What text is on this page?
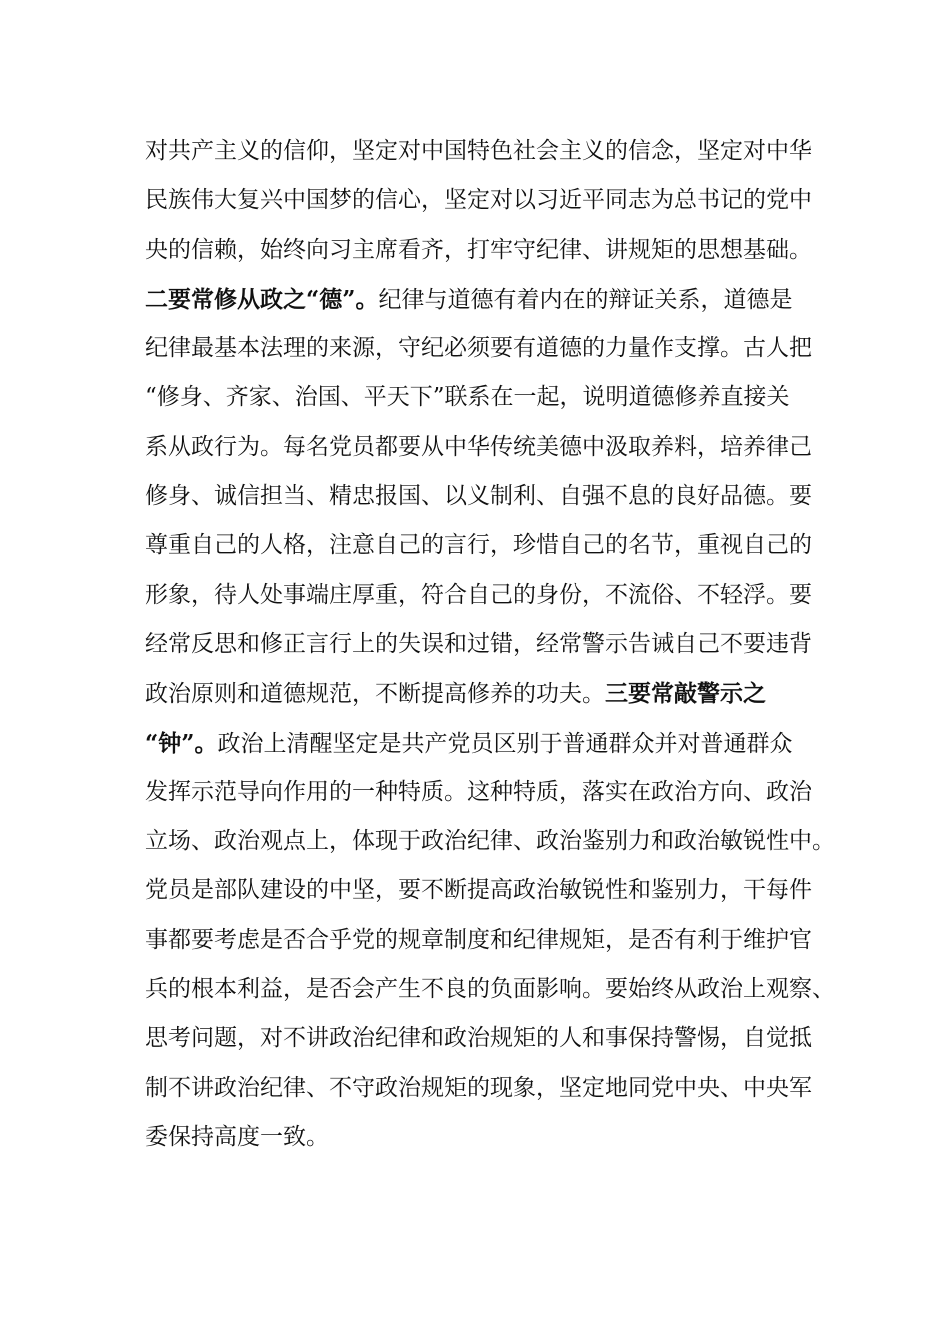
对共产主义的信仰，坚定对中国特色社会主义的信念，坚定对中华
民族伟大复兴中国梦的信心，坚定对以习近平同志为总书记的党中
央的信赖，始终向习主席看齐，打牢守纪律、讲规矩的思想基础。
二要常修从政之“德”。纪律与道德有着内在的辩证关系，道德是
纪律最基本法理的来源，守纪必须要有道德的力量作支撑。古人把
“修身、齐家、治国、平天下”联系在一起，说明道德修养直接关
系从政行为。每名党员都要从中华传统美德中汲取养料，培养律己
修身、诚信担当、精忠报国、以义制利、自强不息的良好品德。要
尊重自己的人格，注意自己的言行，珍惜自己的名节，重视自己的
形象，待人处事端庄厚重，符合自己的身份，不流俗、不轻浮。要
经常反思和修正言行上的失误和过错，经常警示告诫自己不要违背
政治原则和道德规范，不断提高修养的功夫。三要常敲警示之
“钟”。政治上清醒坚定是共产党员区别于普通群众并对普通群众
发挥示范导向作用的一种特质。这种特质，落实在政治方向、政治
立场、政治观点上，体现于政治纪律、政治鉴别力和政治敏锐性中。
党员是部队建设的中坚，要不断提高政治敏锐性和鉴别力，干每件
事都要考虑是否合乎党的规章制度和纪律规矩，是否有利于维护官
兵的根本利益，是否会产生不良的负面影响。要始终从政治上观察、
思考问题，对不讲政治纪律和政治规矩的人和事保持警惕，自觉抵
制不讲政治纪律、不守政治规矩的现象，坚定地同党中央、中央军
委保持高度一致。
